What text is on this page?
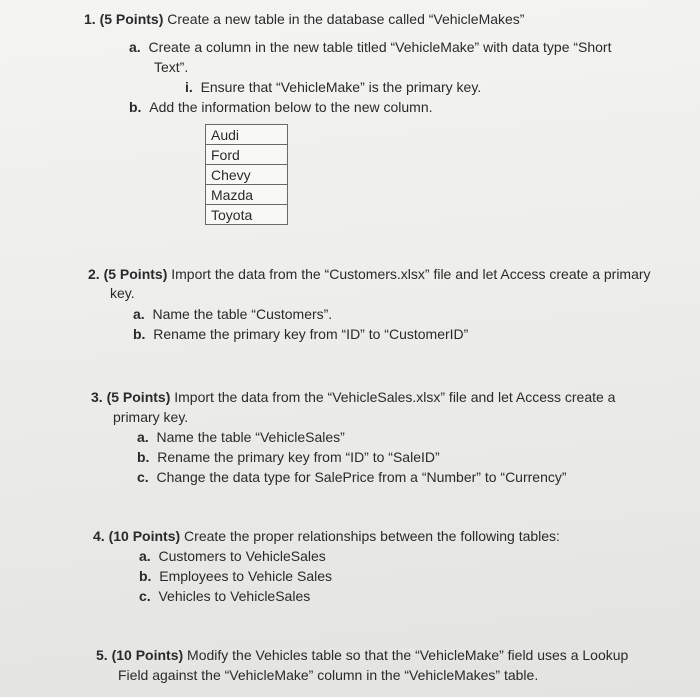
1. (5 Points) Create a new table in the database called “VehicleMakes”
a. Create a column in the new table titled “VehicleMake” with data type “Short
Text”.
i. Ensure that “VehicleMake” is the primary key.
b. Add the information below to the new column.
Audi
Ford
Chevy
Mazda
Toyota
2. (5 Points) Import the data from the “Customers.xlsx” file and let Access create a primary
key.
a. Name the table “Customers”.
b. Rename the primary key from “ID” to “CustomerID”
3. (5 Points) Import the data from the “VehicleSales.xlsx” file and let Access create a
primary key.
a. Name the table “VehicleSales”
b. Rename the primary key from “ID” to “SaleID”
c. Change the data type for SalePrice from a “Number” to “Currency”
4. (10 Points) Create the proper relationships between the following tables:
a. Customers to VehicleSales
b. Employees to Vehicle Sales
c. Vehicles to VehicleSales
5. (10 Points) Modify the Vehicles table so that the “VehicleMake” field uses a Lookup
Field against the “VehicleMake” column in the “VehicleMakes” table.
